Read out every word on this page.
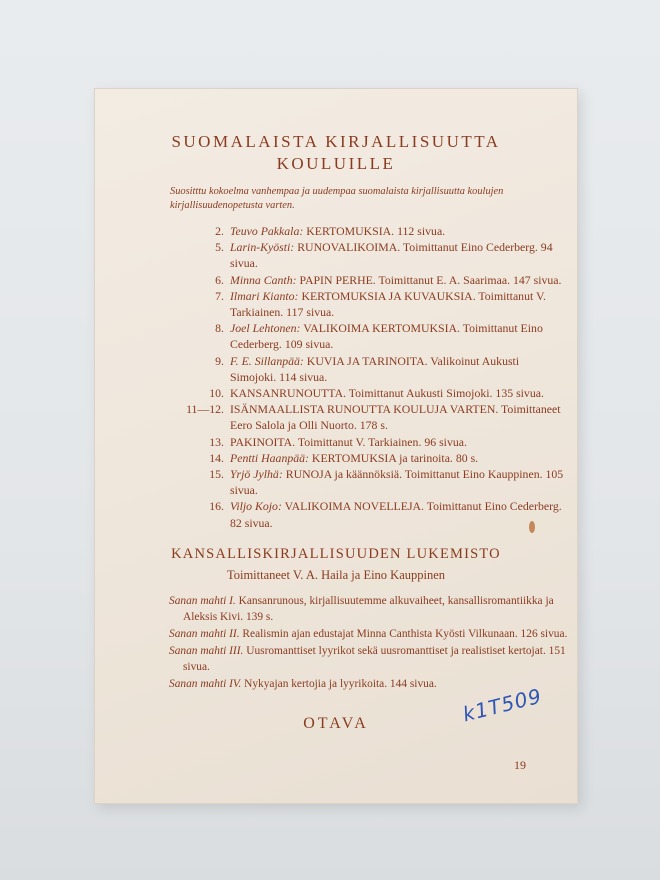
SUOMALAISTA KIRJALLISUUTTA
KOULUILLE
Suositttu kokoelma vanhempaa ja uudempaa suomalaista kirjallisuutta koulujen kirjallisuudenopetusta varten.
2. Teuvo Pakkala: KERTOMUKSIA. 112 sivua.
5. Larin-Kyösti: RUNOVALIKOIMA. Toimittanut Eino Cederberg. 94 sivua.
6. Minna Canth: PAPIN PERHE. Toimittanut E. A. Saarimaa. 147 sivua.
7. Ilmari Kianto: KERTOMUKSIA JA KUVAUKSIA. Toimittanut V. Tarkiainen. 117 sivua.
8. Joel Lehtonen: VALIKOIMA KERTOMUKSIA. Toimittanut Eino Cederberg. 109 sivua.
9. F. E. Sillanpää: KUVIA JA TARINOITA. Valikoinut Aukusti Simojoki. 114 sivua.
10. KANSANRUNOUTTA. Toimittanut Aukusti Simojoki. 135 sivua.
11—12. ISÄNMAALLISTA RUNOUTTA KOULUJA VARTEN. Toimittaneet Eero Salola ja Olli Nuorto. 178 s.
13. PAKINOITA. Toimittanut V. Tarkiainen. 96 sivua.
14. Pentti Haanpää: KERTOMUKSIA ja tarinoita. 80 s.
15. Yrjö Jylhä: RUNOJA ja käännöksiä. Toimittanut Eino Kauppinen. 105 sivua.
16. Viljo Kojo: VALIKOIMA NOVELLEJA. Toimittanut Eino Cederberg. 82 sivua.
KANSALLISKIRJALLISUUDEN LUKEMISTO
Toimittaneet V. A. Haila ja Eino Kauppinen
Sanan mahti I. Kansanrunous, kirjallisuutemme alkuvaiheet, kansallisromantiikka ja Aleksis Kivi. 139 s.
Sanan mahti II. Realismin ajan edustajat Minna Canthista Kyösti Vilkunaan. 126 sivua.
Sanan mahti III. Uusromanttiset lyyrikot sekä uusromanttiset ja realistiset kertojat. 151 sivua.
Sanan mahti IV. Nykyajan kertojia ja lyyrikoita. 144 sivua.
OTAVA
19
k1T509
